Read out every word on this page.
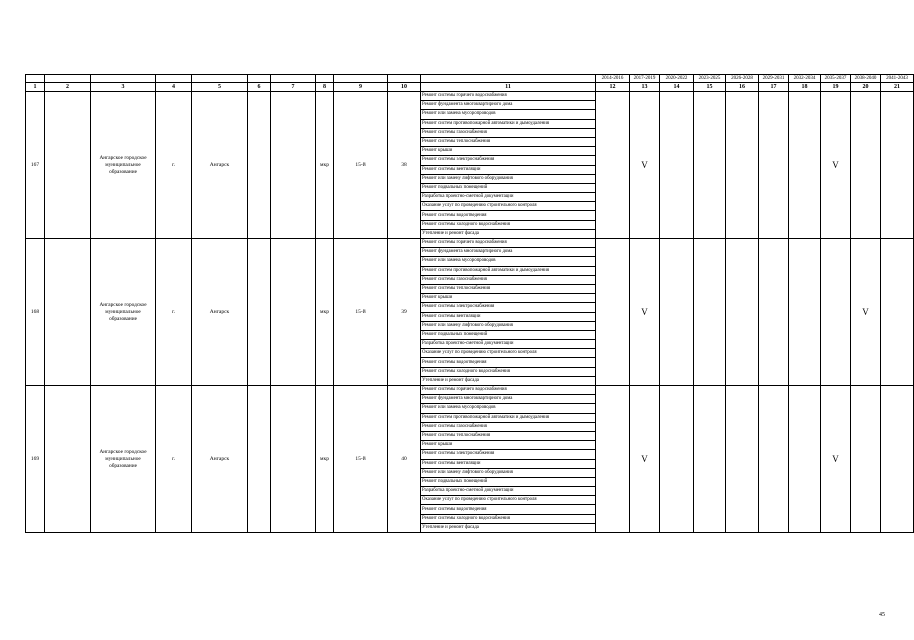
											2014-2016	2017-2019	2020-2022	2023-2025	2026-2028	2029-2031	2032-2034	2035-2037	2038-2040	2041-2043
1	2	3	4	5	6	7	8	9	10	11	12	13	14	15	16	17	18	19	20	21
167		Ангарское городское муниципальное образование	г.	Ангарск			мкр	15-й	38	Ремонт системы горячего водоснабжения		V						V		
										Ремонт фундамента многоквартирного дома										
										Ремонт или замена мусоропроводов										
										Ремонт систем противопожарной автоматики и дымоудаления										
										Ремонт системы газоснабжения										
										Ремонт системы теплоснабжения										
										Ремонт крыши										
										Ремонт системы электроснабжения										
										Ремонт системы вентиляции										
										Ремонт или замену лифтового оборудования										
										Ремонт подвальных помещений										
										Разработка проектно-сметной документации										
										Оказание услуг по проведению строительного контроля										
										Ремонт системы водоотведения										
										Ремонт системы холодного водоснабжения										
										Утепление и ремонт фасада										
168		Ангарское городское муниципальное образование	г.	Ангарск			мкр	15-й	39	Ремонт системы горячего водоснабжения		V							V	
										Ремонт фундамента многоквартирного дома										
										Ремонт или замена мусоропроводов										
										Ремонт систем противопожарной автоматики и дымоудаления										
										Ремонт системы газоснабжения										
										Ремонт системы теплоснабжения										
										Ремонт крыши										
										Ремонт системы электроснабжения										
										Ремонт системы вентиляции										
										Ремонт или замену лифтового оборудования										
										Ремонт подвальных помещений										
										Разработка проектно-сметной документации										
										Оказание услуг по проведению строительного контроля										
										Ремонт системы водоотведения										
										Ремонт системы холодного водоснабжения										
										Утепление и ремонт фасада										
169		Ангарское городское муниципальное образование	г.	Ангарск			мкр	15-й	40	Ремонт системы горячего водоснабжения		V						V		
										Ремонт фундамента многоквартирного дома										
										Ремонт или замена мусоропроводов										
										Ремонт систем противопожарной автоматики и дымоудаления										
										Ремонт системы газоснабжения										
										Ремонт системы теплоснабжения										
										Ремонт крыши										
										Ремонт системы электроснабжения										
										Ремонт системы вентиляции										
										Ремонт или замену лифтового оборудования										
										Ремонт подвальных помещений										
										Разработка проектно-сметной документации										
										Оказание услуг по проведению строительного контроля										
										Ремонт системы водоотведения										
										Ремонт системы холодного водоснабжения										
										Утепление и ремонт фасада										
45
